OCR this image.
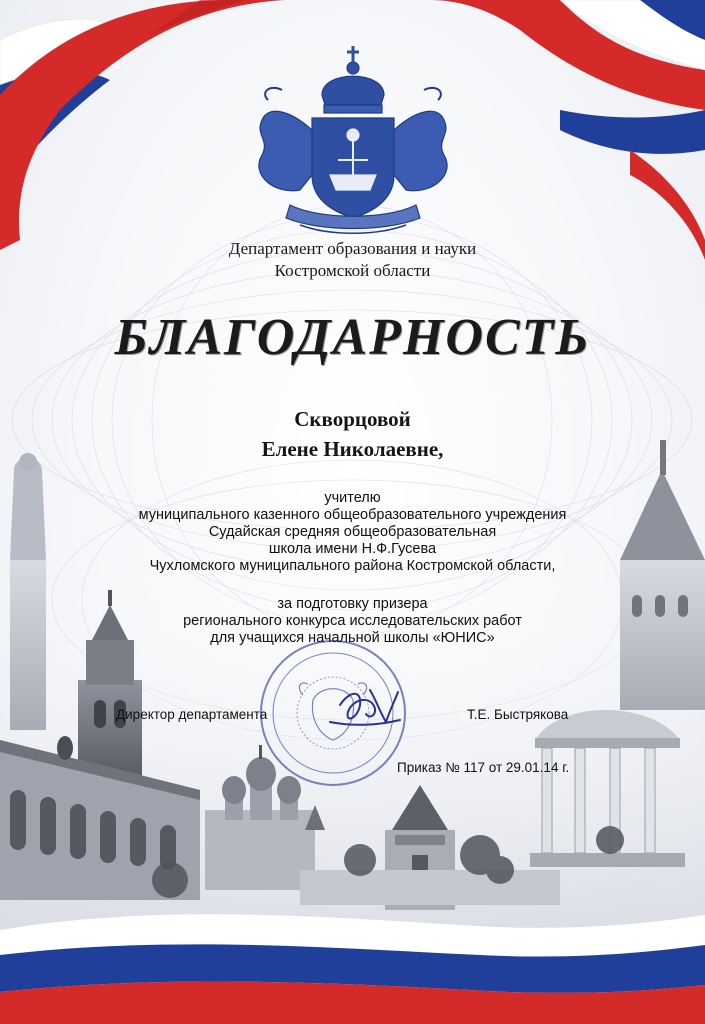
Департамент образования и науки
Костромской области
БЛАГОДАРНОСТЬ
Скворцовой
Елене Николаевне,
учителю
муниципального казенного общеобразовательного учреждения
Судайская средняя общеобразовательная
школа имени Н.Ф.Гусева
Чухломского муниципального района Костромской области,
за подготовку призера
регионального конкурса исследовательских работ
для учащихся начальной школы «ЮНИС»
Директор департамента	Т.Е. Быстрякова
Приказ № 117 от 29.01.14 г.
